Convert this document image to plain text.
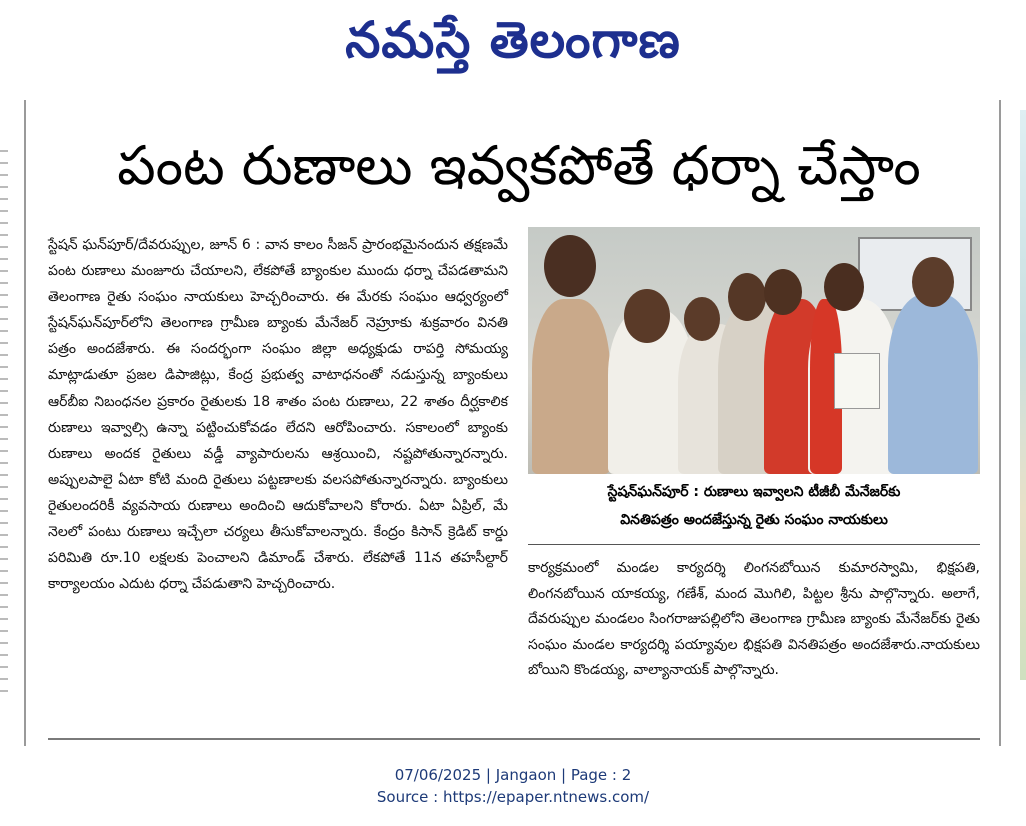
నమస్తే తెలంగాణ
పంట రుణాలు ఇవ్వకపోతే ధర్నా చేస్తాం
స్టేషన్ ఘన్‌పూర్/దేవరుప్పుల, జూన్ 6 : వాన కాలం సీజన్ ప్రారంభమైనందున తక్షణమే పంట రుణాలు మంజూరు చేయాలని, లేకపోతే బ్యాంకుల ముందు ధర్నా చేపడతామని తెలంగాణ రైతు సంఘం నాయకులు హెచ్చరించారు. ఈ మేరకు సంఘం ఆధ్వర్యంలో స్టేషన్‌ఘన్‌పూర్‌లోని తెలంగాణ గ్రామీణ బ్యాంకు మేనేజర్ నెహ్రూకు శుక్రవారం వినతి పత్రం అందజేశారు. ఈ సందర్భంగా సంఘం జిల్లా అధ్యక్షుడు రాపర్తి సోమయ్య మాట్లాడుతూ ప్రజల డిపాజిట్లు, కేంద్ర ప్రభుత్వ వాటాధనంతో నడుస్తున్న బ్యాంకులు ఆర్‌బీఐ నిబంధనల ప్రకారం రైతులకు 18 శాతం పంట రుణాలు, 22 శాతం దీర్ఘకాలిక రుణాలు ఇవ్వాల్సి ఉన్నా పట్టించుకోవడం లేదని ఆరోపించారు. సకాలంలో బ్యాంకు రుణాలు అందక రైతులు వడ్డీ వ్యాపారులను ఆశ్రయించి, నష్టపోతున్నారన్నారు. అప్పులపాలై ఏటా కోటి మంది రైతులు పట్టణాలకు వలసపోతున్నారన్నారు. బ్యాంకులు రైతులందరికీ వ్యవసాయ రుణాలు అందించి ఆదుకోవాలని కోరారు. ఏటా ఏప్రిల్, మే నెలలో పంటు రుణాలు ఇచ్చేలా చర్యలు తీసుకోవాలన్నారు. కేంద్రం కిసాన్ క్రెడిట్ కార్డు పరిమితి రూ.10 లక్షలకు పెంచాలని డిమాండ్ చేశారు. లేకపోతే 11న తహసీల్దార్ కార్యాలయం ఎదుట ధర్నా చేపడుతాని హెచ్చరించారు.
స్టేషన్‌ఘన్‌పూర్ : రుణాలు ఇవ్వాలని టీజీబీ మేనేజర్‌కు
వినతిపత్రం అందజేస్తున్న రైతు సంఘం నాయకులు
కార్యక్రమంలో మండల కార్యదర్శి లింగనబోయిన కుమారస్వామి, భిక్షపతి, లింగనబోయిన యాకయ్య, గణేశ్, మంద మొగిలి, పిట్టల శ్రీను పాల్గొన్నారు. అలాగే, దేవరుప్పుల మండలం సింగరాజుపల్లిలోని తెలంగాణ గ్రామీణ బ్యాంకు మేనేజర్‌కు రైతు సంఘం మండల కార్యదర్శి పయ్యావుల భిక్షపతి వినతిపత్రం అందజేశారు.నాయకులు బోయిని కొండయ్య, వాల్యానాయక్ పాల్గొన్నారు.
07/06/2025 | Jangaon | Page : 2
Source : https://epaper.ntnews.com/
